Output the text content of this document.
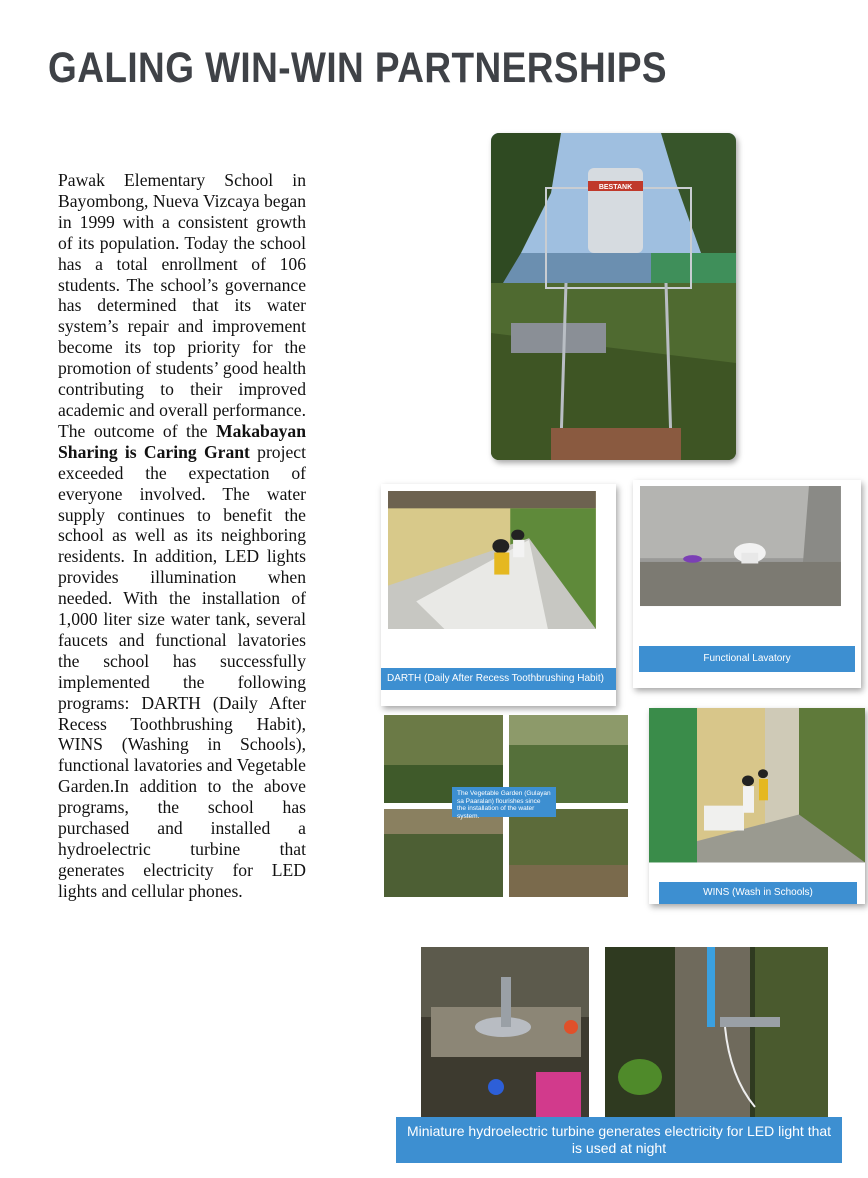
GALING WIN-WIN PARTNERSHIPS

Pawak Elementary School in Bayombong, Nueva Vizcaya began in 1999 with a consistent growth of its population. Today the school has a total enrollment of 106 students. The school’s governance has determined that its water system’s repair and improvement become its top priority for the promotion of students’ good health contributing to their improved academic and overall performance. The outcome of the Makabayan Sharing is Caring Grant project exceeded the expectation of everyone involved. The water supply continues to benefit the school as well as its neighboring residents. In addition, LED lights provides illumination when needed. With the installation of 1,000 liter size water tank, several faucets and functional lavatories the school has successfully implemented the following programs: DARTH (Daily After Recess Toothbrushing Habit), WINS (Washing in Schools), functional lavatories and Vegetable Garden.In addition to the above programs, the school has purchased and installed a hydroelectric turbine that generates electricity for LED lights and cellular phones.

BESTANK
DARTH (Daily After Recess Toothbrushing Habit)
Functional Lavatory
The Vegetable Garden (Gulayan sa Paaralan) flourishes since the installation of the water system.
WINS (Wash in Schools)
Miniature hydroelectric turbine generates electricity for LED light that is used at night
